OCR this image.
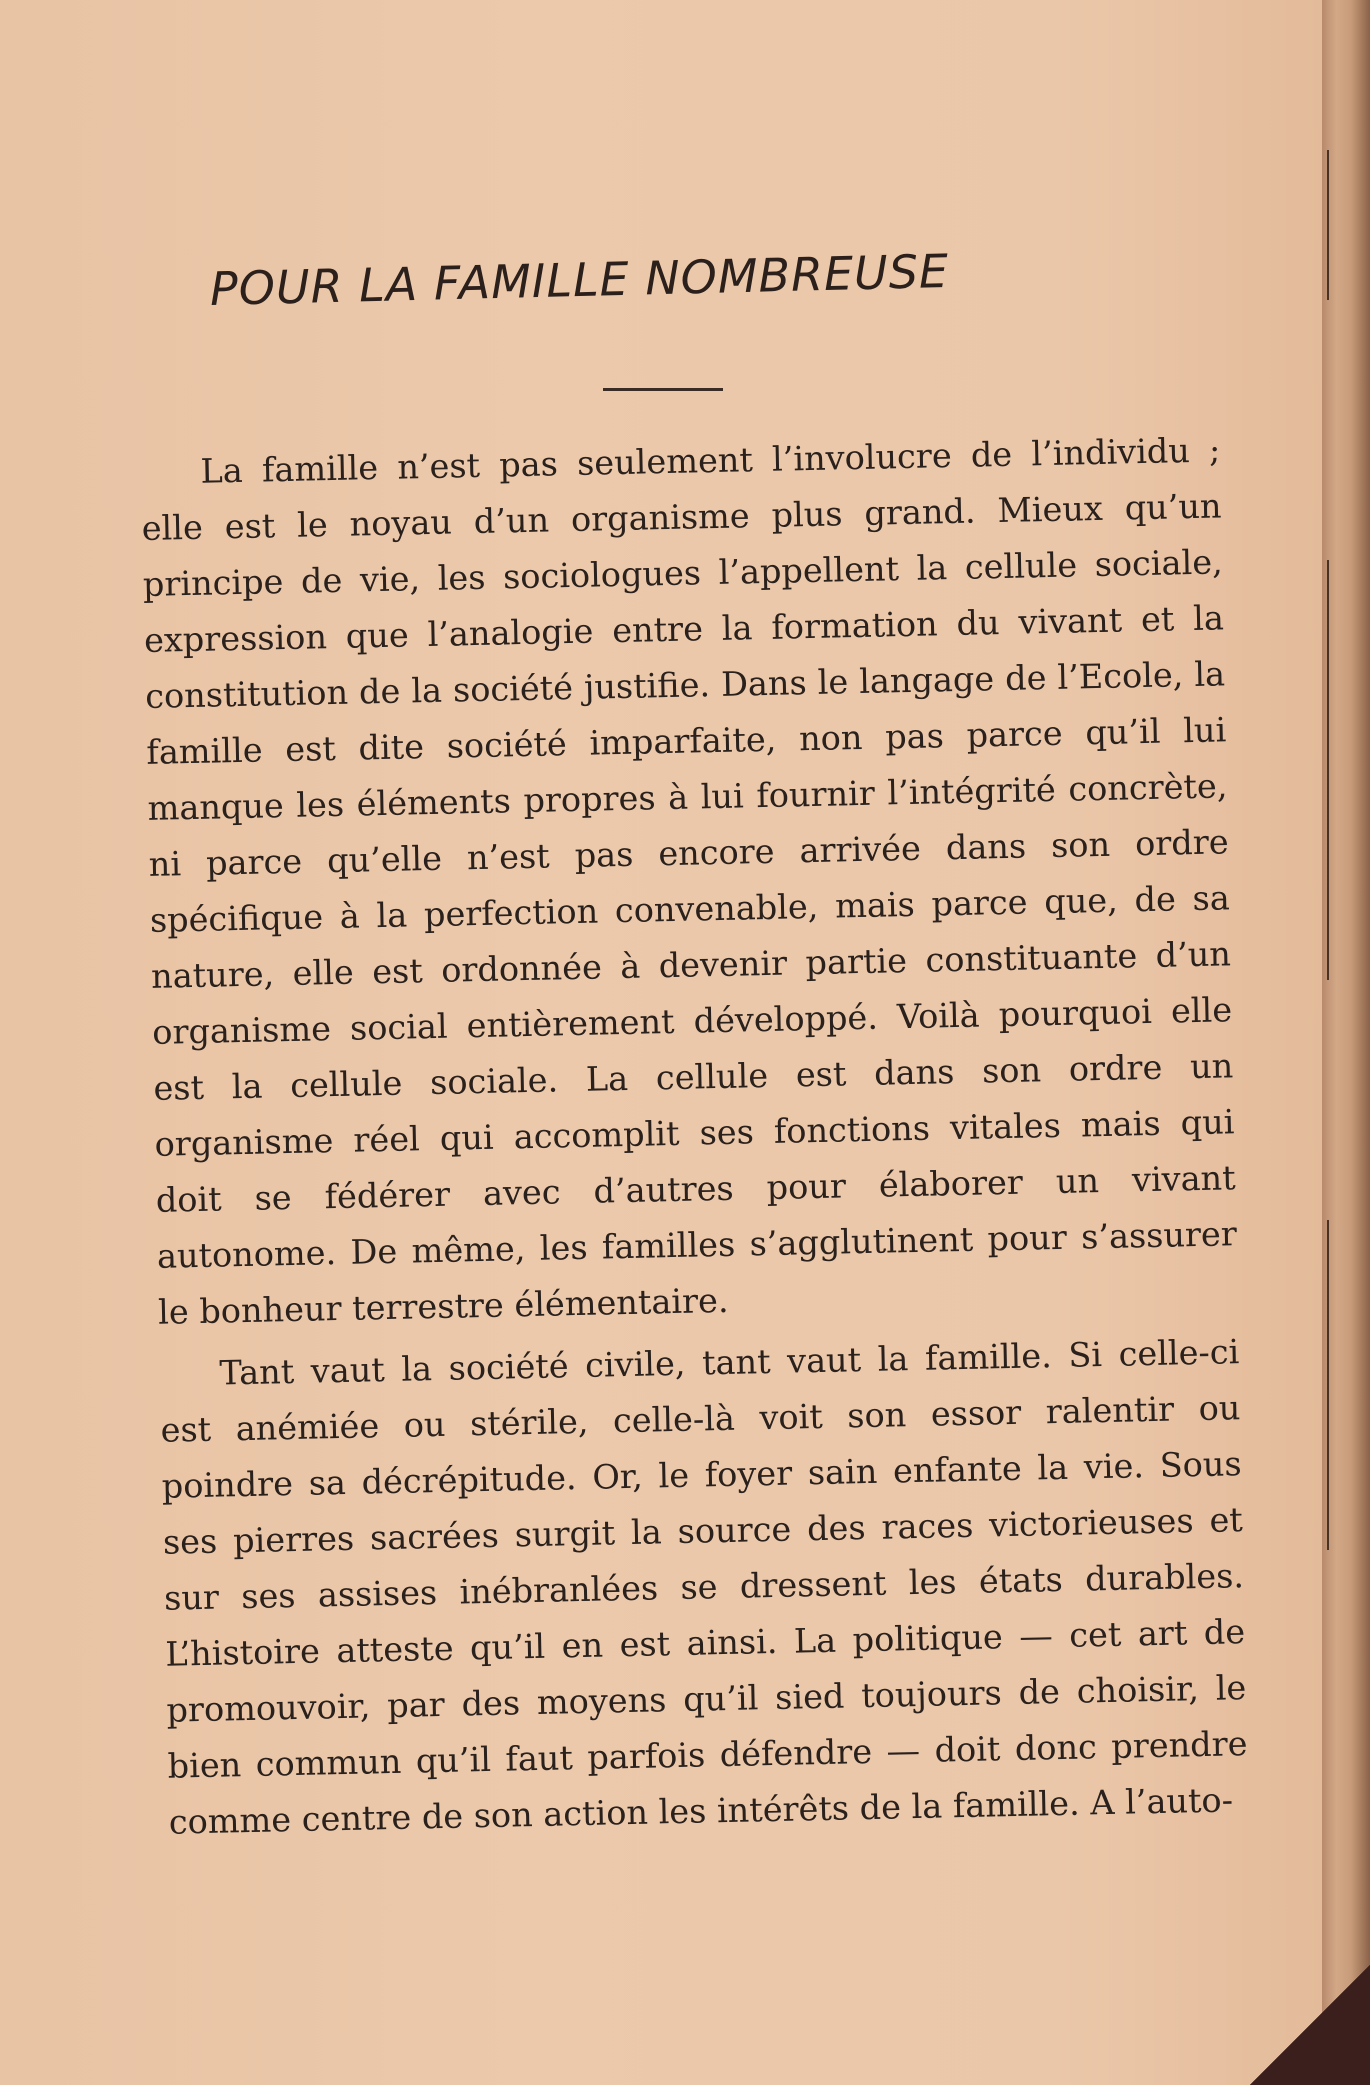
POUR LA FAMILLE NOMBREUSE

La famille n’est pas seulement l’involucre de l’individu ; elle est le noyau d’un organisme plus grand. Mieux qu’un principe de vie, les sociologues l’appellent la cellule sociale, expression que l’analogie entre la formation du vivant et la constitution de la société justifie. Dans le langage de l’Ecole, la famille est dite société imparfaite, non pas parce qu’il lui manque les éléments propres à lui fournir l’intégrité concrète, ni parce qu’elle n’est pas encore arrivée dans son ordre spécifique à la perfection convenable, mais parce que, de sa nature, elle est ordonnée à devenir partie constituante d’un organisme social entièrement développé. Voilà pourquoi elle est la cellule sociale. La cellule est dans son ordre un organisme réel qui accomplit ses fonctions vitales mais qui doit se fédérer avec d’autres pour élaborer un vivant autonome. De même, les familles s’agglutinent pour s’assurer le bonheur terrestre élémentaire.

Tant vaut la société civile, tant vaut la famille. Si celle-ci est anémiée ou stérile, celle-là voit son essor ralentir ou poindre sa décrépitude. Or, le foyer sain enfante la vie. Sous ses pierres sacrées surgit la source des races victorieuses et sur ses assises inébranlées se dressent les états durables. L’histoire atteste qu’il en est ainsi. La politique — cet art de promouvoir, par des moyens qu’il sied toujours de choisir, le bien commun qu’il faut parfois défendre — doit donc prendre comme centre de son action les intérêts de la famille. A l’auto-
